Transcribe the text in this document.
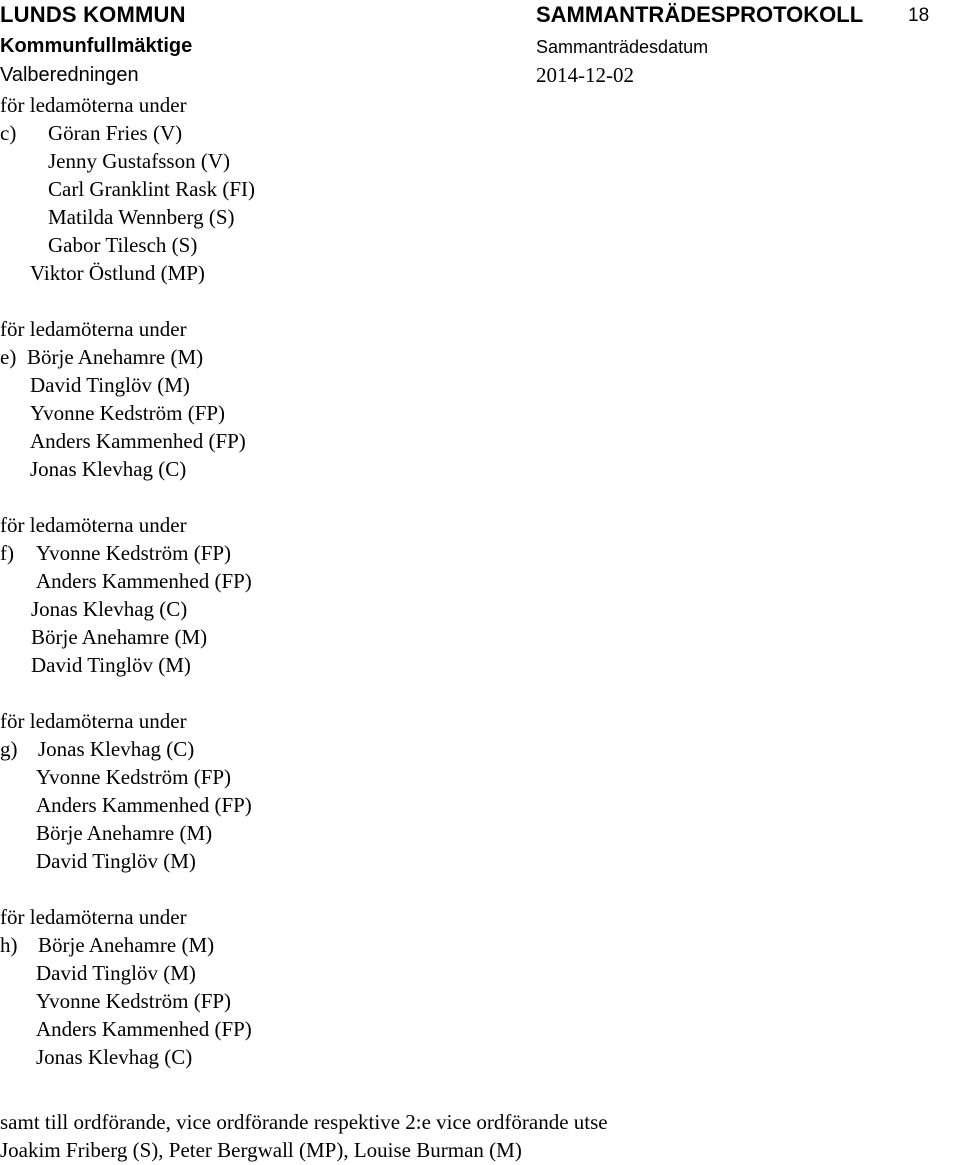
LUNDS KOMMUN
Kommunfullmäktige
Valberedningen
SAMMANTRÄDESPROTOKOLL 18
Sammanträdesdatum
2014-12-02
för ledamöterna under
c) Göran Fries (V)
Jenny Gustafsson (V)
Carl Granklint Rask (FI)
Matilda Wennberg (S)
Gabor Tilesch (S)
Viktor Östlund (MP)
för ledamöterna under
e) Börje Anehamre (M)
David Tinglöv (M)
Yvonne Kedström (FP)
Anders Kammenhed (FP)
Jonas Klevhag (C)
för ledamöterna under
f) Yvonne Kedström (FP)
Anders Kammenhed (FP)
Jonas Klevhag (C)
Börje Anehamre (M)
David Tinglöv (M)
för ledamöterna under
g) Jonas Klevhag (C)
Yvonne Kedström (FP)
Anders Kammenhed (FP)
Börje Anehamre (M)
David Tinglöv (M)
för ledamöterna under
h) Börje Anehamre (M)
David Tinglöv (M)
Yvonne Kedström (FP)
Anders Kammenhed (FP)
Jonas Klevhag (C)
samt till ordförande, vice ordförande respektive 2:e vice ordförande utse
Joakim Friberg (S), Peter Bergwall (MP), Louise Burman (M)
